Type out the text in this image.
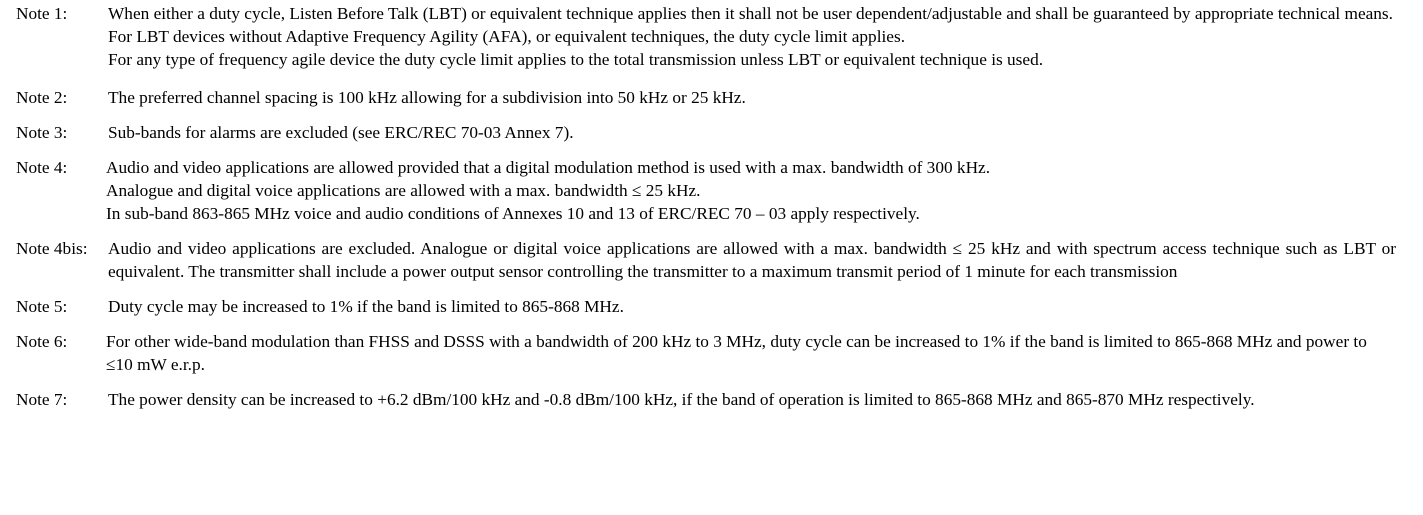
Note 1: When either a duty cycle, Listen Before Talk (LBT) or equivalent technique applies then it shall not be user dependent/adjustable and shall be guaranteed by appropriate technical means.

For LBT devices without Adaptive Frequency Agility (AFA), or equivalent techniques, the duty cycle limit applies.

For any type of frequency agile device the duty cycle limit applies to the total transmission unless LBT or equivalent technique is used.

Note 2: The preferred channel spacing is 100 kHz allowing for a subdivision into 50 kHz or 25 kHz.

Note 3: Sub-bands for alarms are excluded (see ERC/REC 70-03 Annex 7).

Note 4: Audio and video applications are allowed provided that a digital modulation method is used with a max. bandwidth of 300 kHz.

Analogue and digital voice applications are allowed with a max. bandwidth ≤ 25 kHz.

In sub-band 863-865 MHz voice and audio conditions of Annexes 10 and 13 of ERC/REC 70 – 03 apply respectively.

Note 4bis: Audio and video applications are excluded. Analogue or digital voice applications are allowed with a max. bandwidth ≤ 25 kHz and with spectrum access technique such as LBT or equivalent. The transmitter shall include a power output sensor controlling the transmitter to a maximum transmit period of 1 minute for each transmission

Note 5: Duty cycle may be increased to 1% if the band is limited to 865-868 MHz.

Note 6: For other wide-band modulation than FHSS and DSSS with a bandwidth of 200 kHz to 3 MHz, duty cycle can be increased to 1% if the band is limited to 865-868 MHz and power to ≤10 mW e.r.p.

Note 7: The power density can be increased to +6.2 dBm/100 kHz and -0.8 dBm/100 kHz, if the band of operation is limited to 865-868 MHz and 865-870 MHz respectively.
